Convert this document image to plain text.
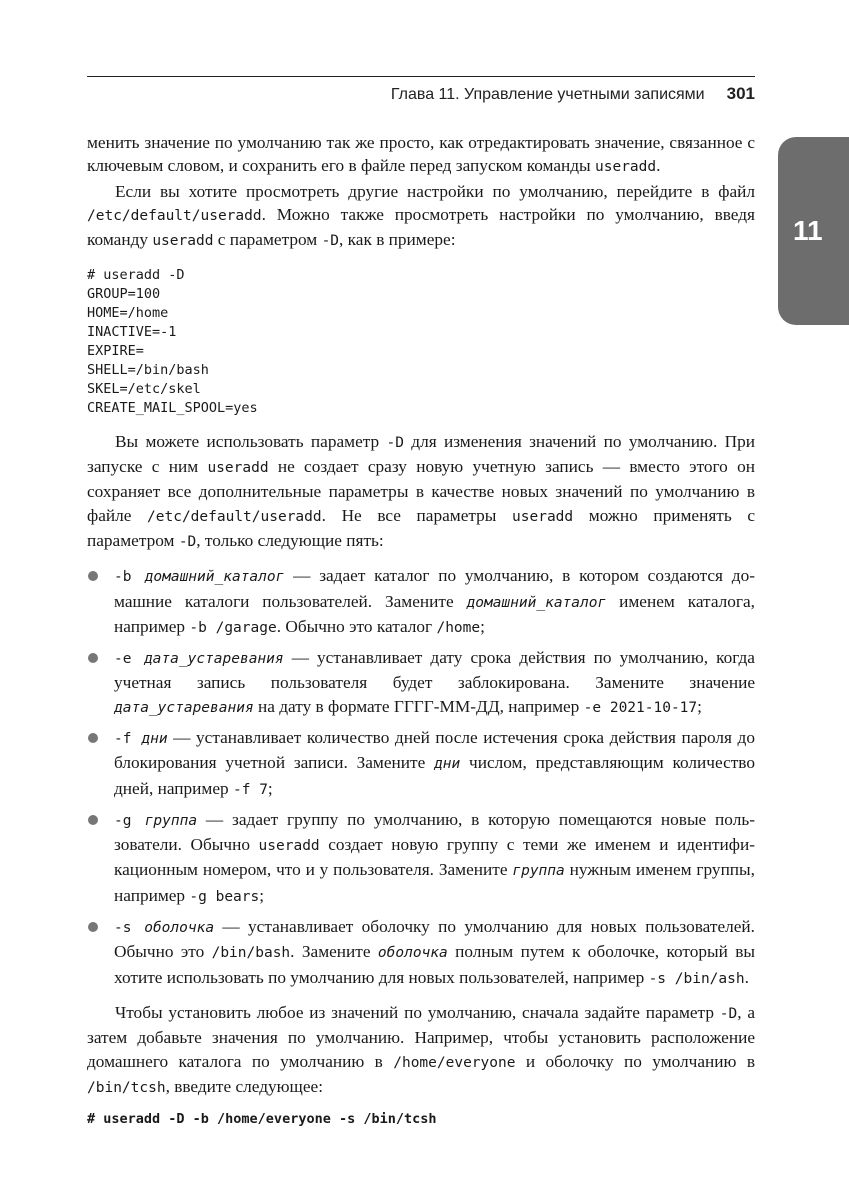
Глава 11. Управление учетными записями 301
11

менить значение по умолчанию так же просто, как отредактировать значение, связанное с ключевым словом, и сохранить его в файле перед запуском команды useradd.

Если вы хотите просмотреть другие настройки по умолчанию, перейдите в файл /etc/default/useradd. Можно также просмотреть настройки по умолчанию, введя команду useradd с параметром -D, как в примере:

# useradd -D
GROUP=100
HOME=/home
INACTIVE=-1
EXPIRE=
SHELL=/bin/bash
SKEL=/etc/skel
CREATE_MAIL_SPOOL=yes

Вы можете использовать параметр -D для изменения значений по умолчанию. При запуске с ним useradd не создает сразу новую учетную запись — вместо этого он сохраняет все дополнительные параметры в качестве новых значений по умолчанию в файле /etc/default/useradd. Не все параметры useradd можно применять с параметром -D, только следующие пять:

-b домашний_каталог — задает каталог по умолчанию, в котором создаются домашние каталоги пользователей. Замените домашний_каталог именем каталога, например -b /garage. Обычно это каталог /home;
-e дата_устаревания — устанавливает дату срока действия по умолчанию, когда учетная запись пользователя будет заблокирована. Замените значение дата_устаревания на дату в формате ГГГГ-ММ-ДД, например -e 2021-10-17;
-f дни — устанавливает количество дней после истечения срока действия пароля до блокирования учетной записи. Замените дни числом, представляющим количество дней, например -f 7;
-g группа — задает группу по умолчанию, в которую помещаются новые пользователи. Обычно useradd создает новую группу с теми же именем и идентификационным номером, что и у пользователя. Замените группа нужным именем группы, например -g bears;
-s оболочка — устанавливает оболочку по умолчанию для новых пользователей. Обычно это /bin/bash. Замените оболочка полным путем к оболочке, который вы хотите использовать по умолчанию для новых пользователей, например -s /bin/ash.

Чтобы установить любое из значений по умолчанию, сначала задайте параметр -D, а затем добавьте значения по умолчанию. Например, чтобы установить расположение домашнего каталога по умолчанию в /home/everyone и оболочку по умолчанию в /bin/tcsh, введите следующее:

# useradd -D -b /home/everyone -s /bin/tcsh
